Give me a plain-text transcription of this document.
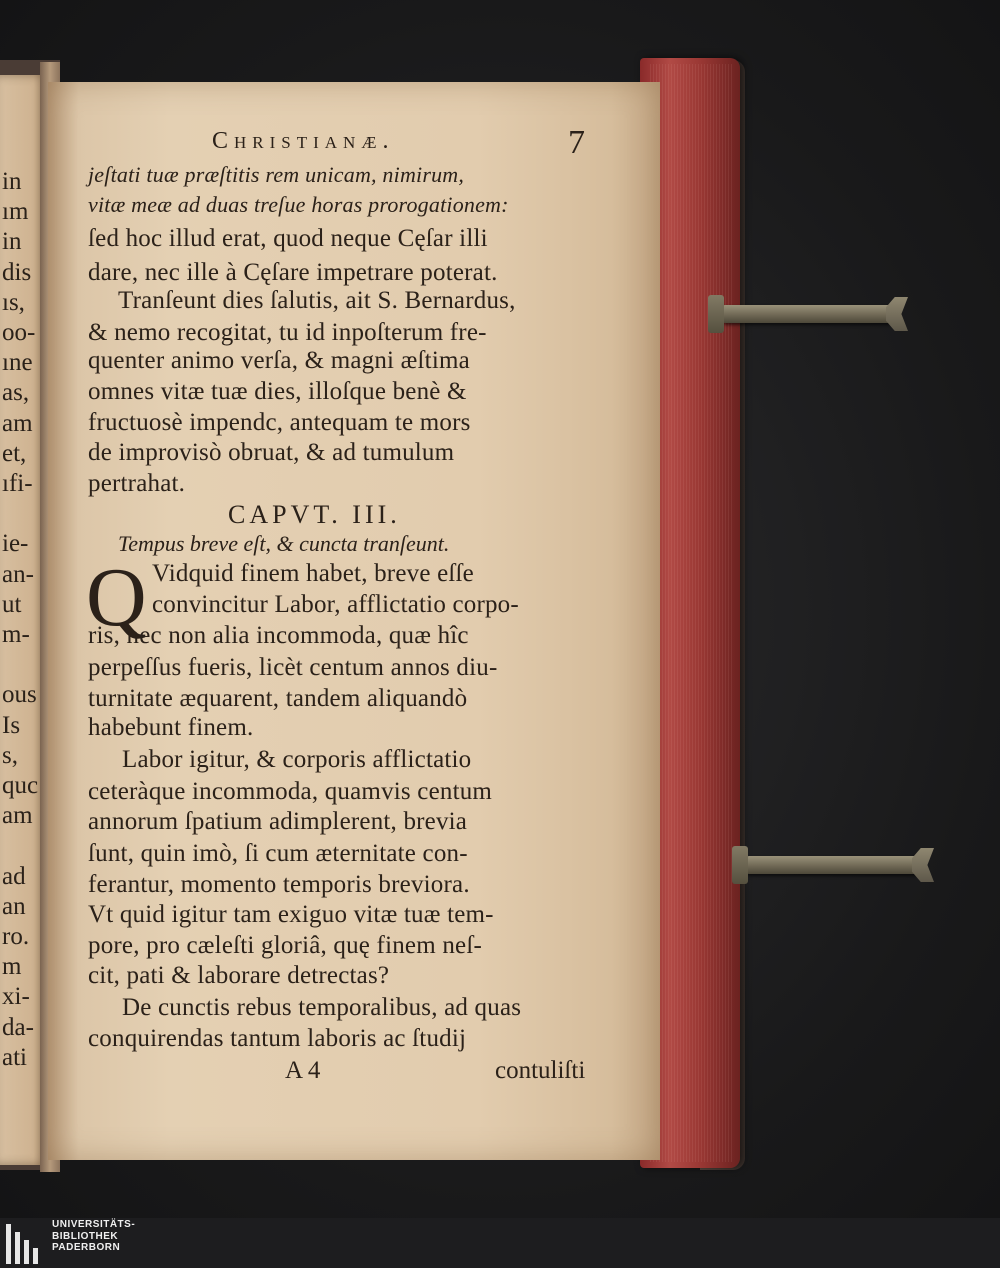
in
ım
in
dis
ıs,
oo-
ıne
as,
am
et,
ıfi-
ie-
an-
ut
m-
ous
Is
s,
quc
am
ad
an
ro.
m
xi-
da-
ati
Christianæ.	7
jeſtati tuæ præſtitis rem unicam, nimirum,
vitæ meæ ad duas treſue horas prorogationem:
ſed hoc illud erat, quod neque Cęſar illi
dare, nec ille à Cęſare impetrare poterat.
Tranſeunt dies ſalutis, ait S. Bernardus,
& nemo recogitat, tu id inpoſterum fre-
quenter animo verſa, & magni æſtima
omnes vitæ tuæ dies, illoſque benè &
fructuosè impendc, antequam te mors
de improvisò obruat, & ad tumulum
pertrahat.
CAPVT. III.
Tempus breve eſt, & cuncta tranſeunt.
Q Vidquid finem habet, breve eſſe
convincitur Labor, afflictatio corpo-
ris, nec non alia incommoda, quæ hîc
perpeſſus fueris, licèt centum annos diu-
turnitate æquarent, tandem aliquandò
habebunt finem.
Labor igitur, & corporis afflictatio
ceteràque incommoda, quamvis centum
annorum ſpatium adimplerent, brevia
ſunt, quin imò, ſi cum æternitate con-
ferantur, momento temporis breviora.
Vt quid igitur tam exiguo vitæ tuæ tem-
pore, pro cæleſti gloriâ, quę finem neſ-
cit, pati & laborare detrectas?
De cunctis rebus temporalibus, ad quas
conquirendas tantum laboris ac ſtudij
A 4	contuliſti
UNIVERSITÄTS-
BIBLIOTHEK
PADERBORN
